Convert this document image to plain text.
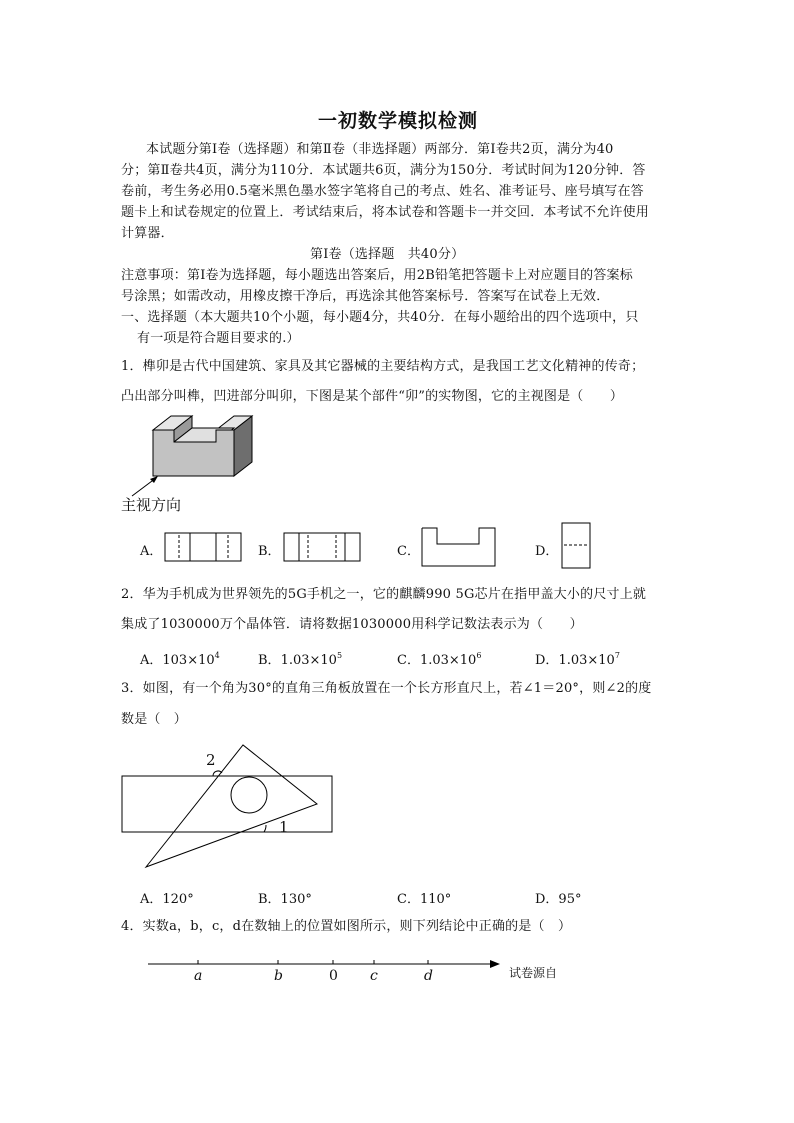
一初数学模拟检测
本试题分第Ⅰ卷（选择题）和第Ⅱ卷（非选择题）两部分．第Ⅰ卷共2页，满分为40
分；第Ⅱ卷共4页，满分为110分．本试题共6页，满分为150分．考试时间为120分钟．答
卷前，考生务必用0.5毫米黑色墨水签字笔将自己的考点、姓名、准考证号、座号填写在答
题卡上和试卷规定的位置上．考试结束后，将本试卷和答题卡一并交回．本考试不允许使用
计算器．
第Ⅰ卷（选择题　共40分）
注意事项：第Ⅰ卷为选择题，每小题选出答案后，用2B铅笔把答题卡上对应题目的答案标
号涂黑；如需改动，用橡皮擦干净后，再选涂其他答案标号．答案写在试卷上无效．
一、选择题（本大题共10个小题，每小题4分，共40分．在每小题给出的四个选项中，只
有一项是符合题目要求的.）
1．榫卯是古代中国建筑、家具及其它器械的主要结构方式，是我国工艺文化精神的传奇；
凸出部分叫榫，凹进部分叫卯，下图是某个部件“卯”的实物图，它的主视图是（　　）
主视方向
A．	B．	C．	D．
2．华为手机成为世界领先的5G手机之一，它的麒麟990 5G芯片在指甲盖大小的尺寸上就
集成了1030000万个晶体管．请将数据1030000用科学记数法表示为（　　）
A．$103\times 10^4$	B．$1.03\times 10^5$	C．$1.03\times 10^6$	D．$1.03\times 10^7$
3．如图，有一个角为30°的直角三角板放置在一个长方形直尺上，若∠1＝20°，则∠2的度
数是（　）
2
1
A．120°	B．130°	C．110°	D．95°
4．实数a，b，c，d在数轴上的位置如图所示，则下列结论中正确的是（　）
a	b	0 c	d	试卷源自
